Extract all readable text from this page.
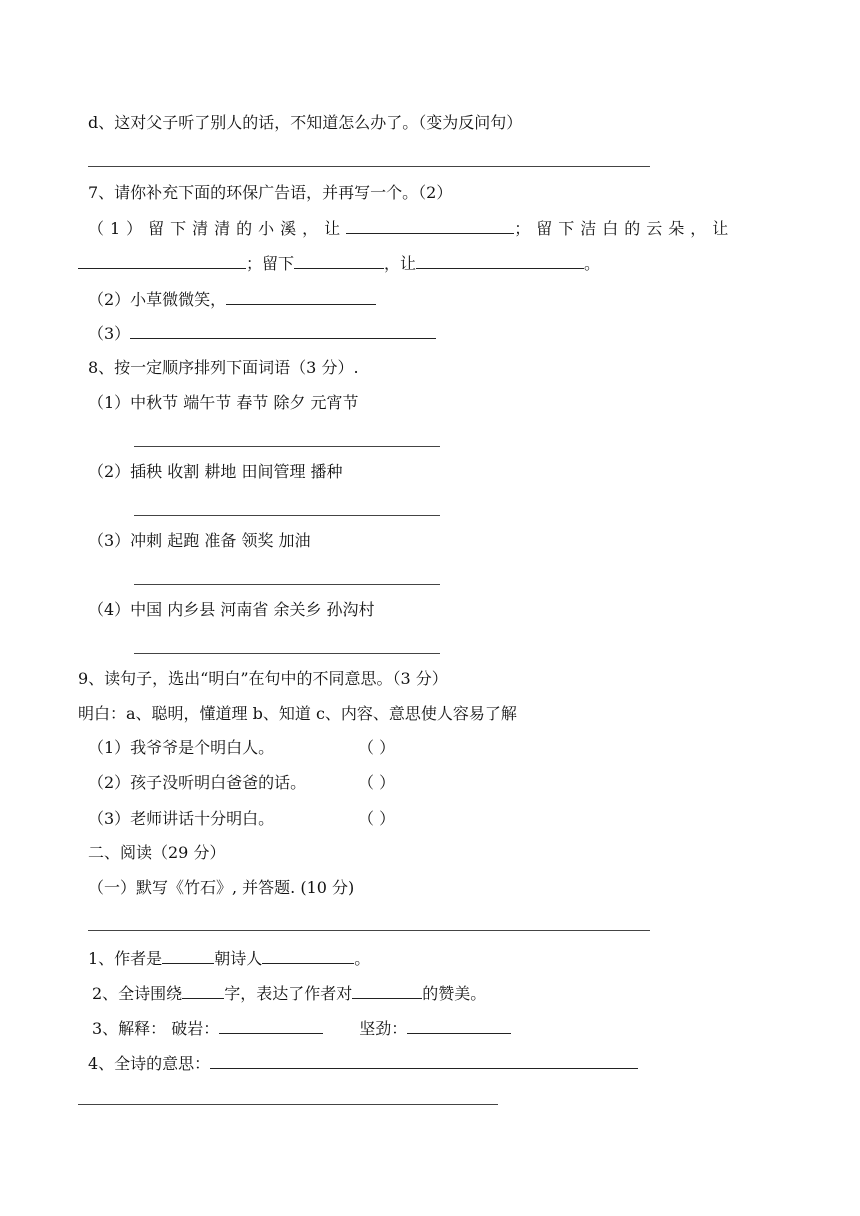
d、这对父子听了别人的话，不知道怎么办了。（变为反问句）
7、请你补充下面的环保广告语，并再写一个。（2）
（1）留下清清的小溪，让	；留下洁白的云朵，让
；留下	，让	。
（2）小草微微笑，
（3）
8、按一定顺序排列下面词语（3 分）.
（1）中秋节 端午节 春节 除夕 元宵节
（2）插秧 收割 耕地 田间管理 播种
（3）冲刺 起跑 准备 领奖 加油
（4）中国 内乡县 河南省 余关乡 孙沟村
9、读句子，选出“明白”在句中的不同意思。（3 分）
明白：a、聪明，懂道理 b、知道 c、内容、意思使人容易了解
（1）我爷爷是个明白人。	（ ）
（2）孩子没听明白爸爸的话。	（ ）
（3）老师讲话十分明白。	（ ）
二、阅读（29 分）
（一）默写《竹石》, 并答题. (10 分)
1、作者是	朝诗人	。
2、全诗围绕	字，表达了作者对	的赞美。
3、解释： 破岩：	坚劲：
4、全诗的意思：
